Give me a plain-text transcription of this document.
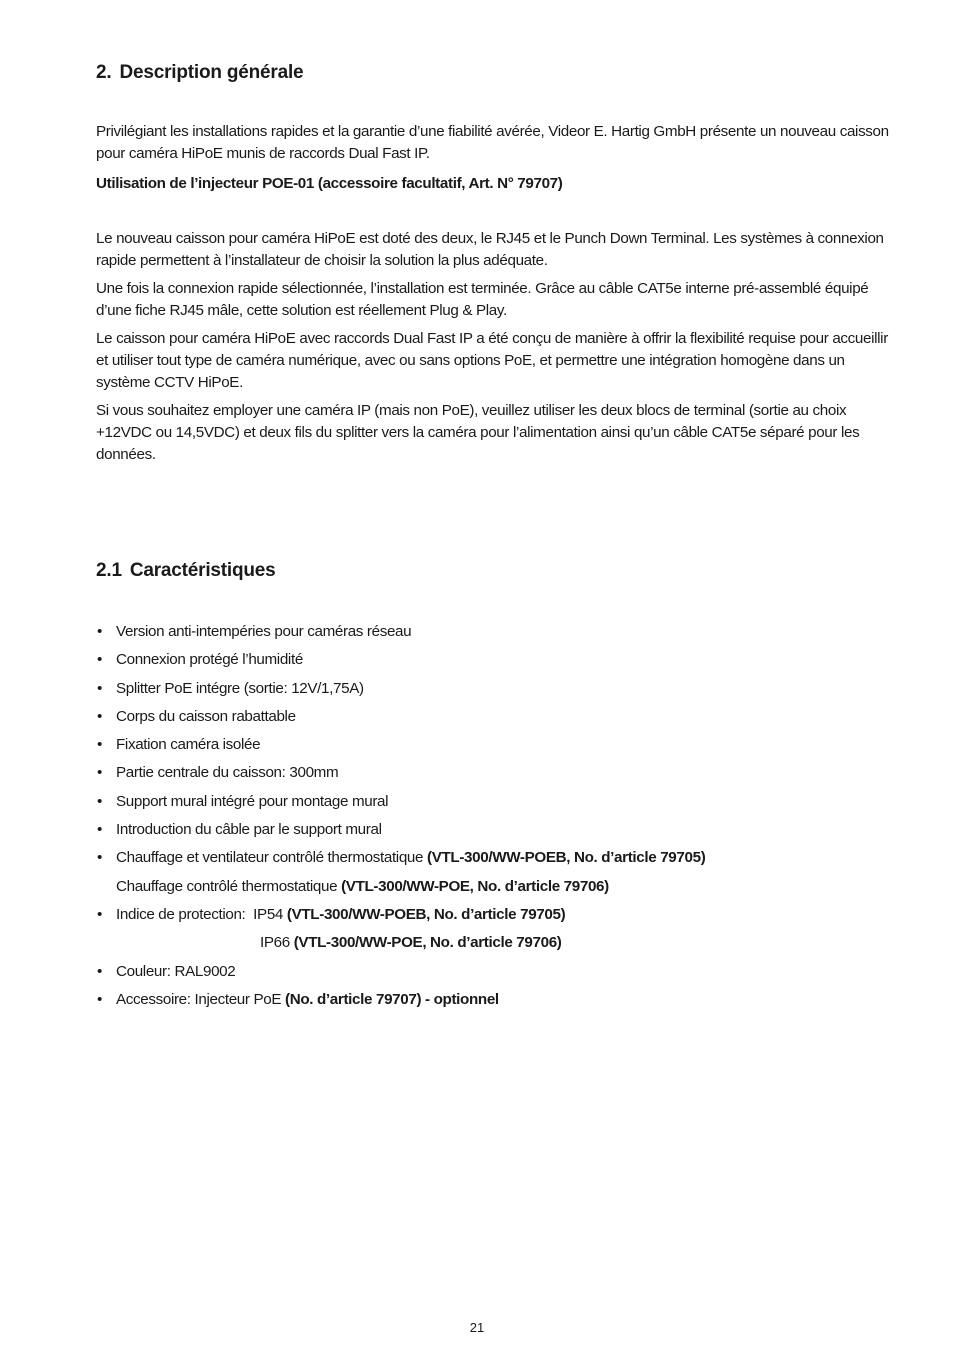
2. Description générale

Privilégiant les installations rapides et la garantie d’une fiabilité avérée, Videor E. Hartig GmbH présente un nouveau caisson pour caméra HiPoE munis de raccords Dual Fast IP.

Utilisation de l’injecteur POE-01 (accessoire facultatif, Art. N° 79707)

Le nouveau caisson pour caméra HiPoE est doté des deux, le RJ45 et le Punch Down Terminal. Les systèmes à connexion rapide permettent à l’installateur de choisir la solution la plus adéquate.

Une fois la connexion rapide sélectionnée, l’installation est terminée. Grâce au câble CAT5e interne pré-assemblé équipé d’une fiche RJ45 mâle, cette solution est réellement Plug & Play.

Le caisson pour caméra HiPoE avec raccords Dual Fast IP a été conçu de manière à offrir la flexibilité requise pour accueillir et utiliser tout type de caméra numérique, avec ou sans options PoE, et permettre une intégration homogène dans un système CCTV HiPoE.

Si vous souhaitez employer une caméra IP (mais non PoE), veuillez utiliser les deux blocs de terminal (sortie au choix +12VDC ou 14,5VDC) et deux fils du splitter vers la caméra pour l’alimentation ainsi qu’un câble CAT5e séparé pour les données.

2.1 Caractéristiques
• Version anti-intempéries pour caméras réseau
• Connexion protégé l’humidité
• Splitter PoE intégre (sortie: 12V/1,75A)
• Corps du caisson rabattable
• Fixation caméra isolée
• Partie centrale du caisson: 300mm
• Support mural intégré pour montage mural
• Introduction du câble par le support mural
• Chauffage et ventilateur contrôlé thermostatique (VTL-300/WW-POEB, No. d’article 79705)
Chauffage contrôlé thermostatique (VTL-300/WW-POE, No. d’article 79706)
• Indice de protection:  IP54 (VTL-300/WW-POEB, No. d’article 79705)
IP66 (VTL-300/WW-POE, No. d’article 79706)
• Couleur: RAL9002
• Accessoire: Injecteur PoE (No. d’article 79707) - optionnel
21
